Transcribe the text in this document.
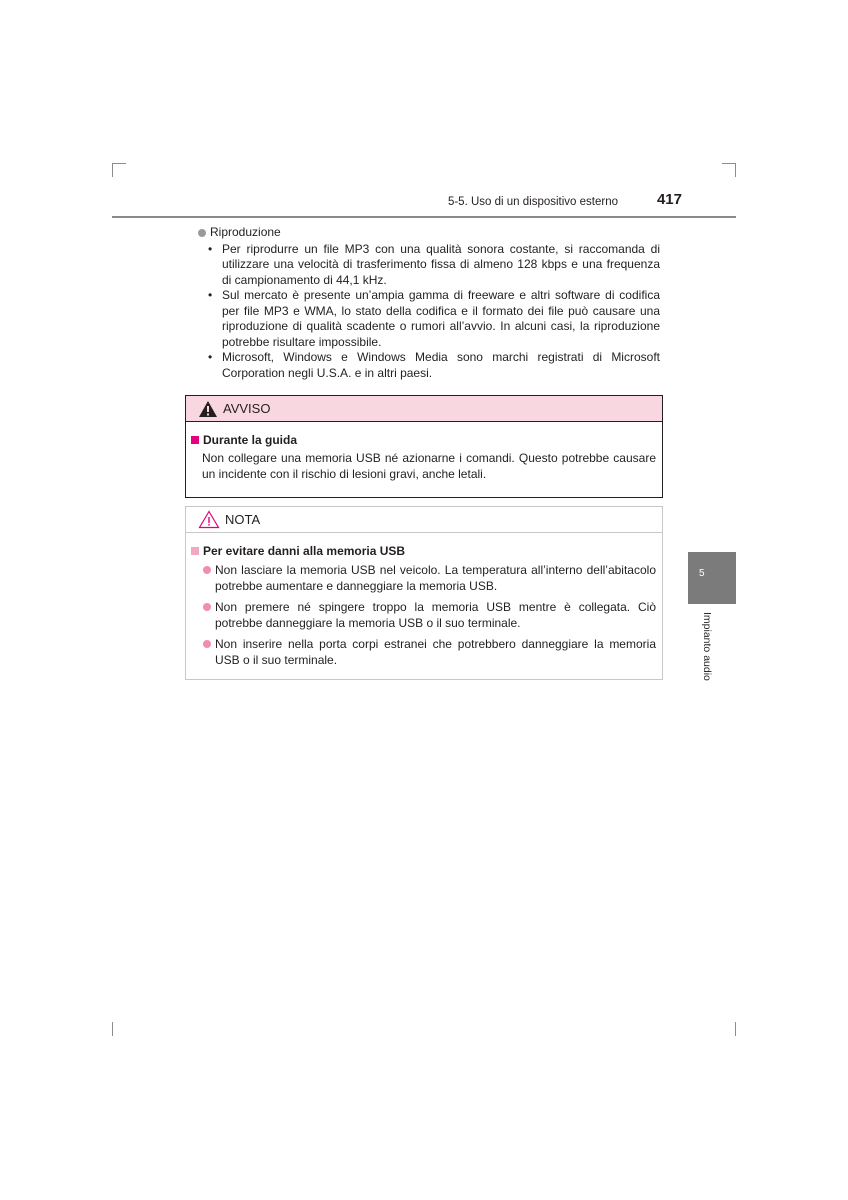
5-5. Uso di un dispositivo esterno	417
Riproduzione
• Per riprodurre un file MP3 con una qualità sonora costante, si raccomanda di utilizzare una velocità di trasferimento fissa di almeno 128 kbps e una frequenza di campionamento di 44,1 kHz.
• Sul mercato è presente un’ampia gamma di freeware e altri software di codifica per file MP3 e WMA, lo stato della codifica e il formato dei file può causare una riproduzione di qualità scadente o rumori all’avvio. In alcuni casi, la riproduzione potrebbe risultare impossibile.
• Microsoft, Windows e Windows Media sono marchi registrati di Microsoft Corporation negli U.S.A. e in altri paesi.
AVVISO
Durante la guida
Non collegare una memoria USB né azionarne i comandi. Questo potrebbe causare un incidente con il rischio di lesioni gravi, anche letali.
NOTA
Per evitare danni alla memoria USB
Non lasciare la memoria USB nel veicolo. La temperatura all’interno dell’abitacolo potrebbe aumentare e danneggiare la memoria USB.
Non premere né spingere troppo la memoria USB mentre è collegata. Ciò potrebbe danneggiare la memoria USB o il suo terminale.
Non inserire nella porta corpi estranei che potrebbero danneggiare la memoria USB o il suo terminale.
5
Impianto audio
